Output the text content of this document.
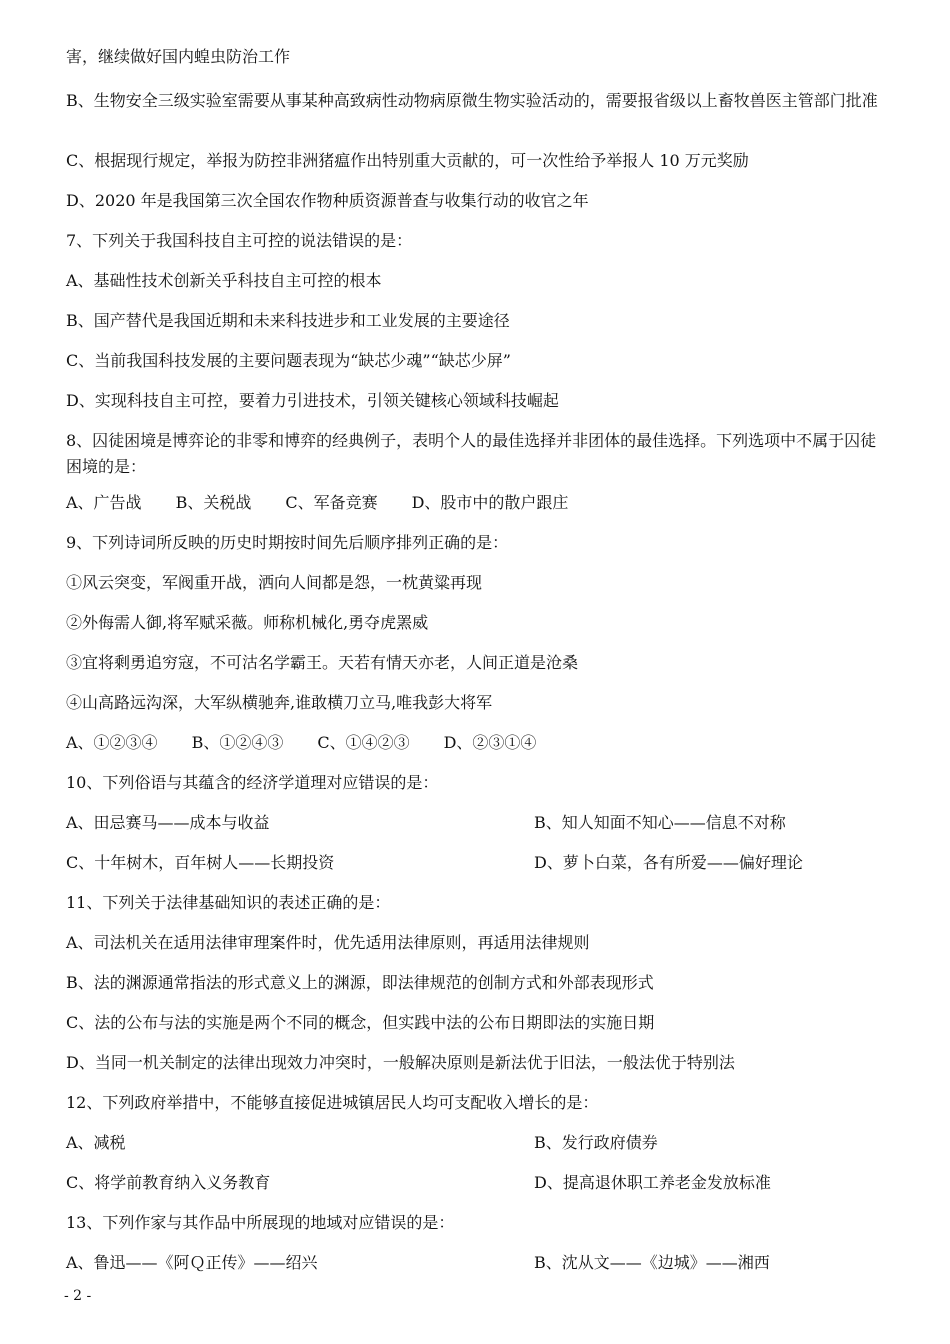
害，继续做好国内蝗虫防治工作
B、生物安全三级实验室需要从事某种高致病性动物病原微生物实验活动的，需要报省级以上畜牧兽医主管部门批准
C、根据现行规定，举报为防控非洲猪瘟作出特别重大贡献的，可一次性给予举报人 10 万元奖励
D、2020 年是我国第三次全国农作物种质资源普查与收集行动的收官之年
7、下列关于我国科技自主可控的说法错误的是：
A、基础性技术创新关乎科技自主可控的根本
B、国产替代是我国近期和未来科技进步和工业发展的主要途径
C、当前我国科技发展的主要问题表现为“缺芯少魂”“缺芯少屏”
D、实现科技自主可控，要着力引进技术，引领关键核心领域科技崛起
8、囚徒困境是博弈论的非零和博弈的经典例子，表明个人的最佳选择并非团体的最佳选择。下列选项中不属于囚徒困境的是：
A、广告战 B、关税战 C、军备竞赛 D、股市中的散户跟庄
9、下列诗词所反映的历史时期按时间先后顺序排列正确的是：
①风云突变，军阀重开战，洒向人间都是怨，一枕黄粱再现
②外侮需人御,将军赋采薇。师称机械化,勇夺虎罴威
③宜将剩勇追穷寇，不可沽名学霸王。天若有情天亦老，人间正道是沧桑
④山高路远沟深，大军纵横驰奔,谁敢横刀立马,唯我彭大将军
A、①②③④ B、①②④③ C、①④②③ D、②③①④
10、下列俗语与其蕴含的经济学道理对应错误的是：
A、田忌赛马——成本与收益	B、知人知面不知心——信息不对称
C、十年树木，百年树人——长期投资	D、萝卜白菜，各有所爱——偏好理论
11、下列关于法律基础知识的表述正确的是：
A、司法机关在适用法律审理案件时，优先适用法律原则，再适用法律规则
B、法的渊源通常指法的形式意义上的渊源，即法律规范的创制方式和外部表现形式
C、法的公布与法的实施是两个不同的概念，但实践中法的公布日期即法的实施日期
D、当同一机关制定的法律出现效力冲突时，一般解决原则是新法优于旧法，一般法优于特别法
12、下列政府举措中，不能够直接促进城镇居民人均可支配收入增长的是：
A、减税	B、发行政府债券
C、将学前教育纳入义务教育	D、提高退休职工养老金发放标准
13、下列作家与其作品中所展现的地域对应错误的是：
A、鲁迅——《阿Ｑ正传》——绍兴	B、沈从文——《边城》——湘西
- 2 -
